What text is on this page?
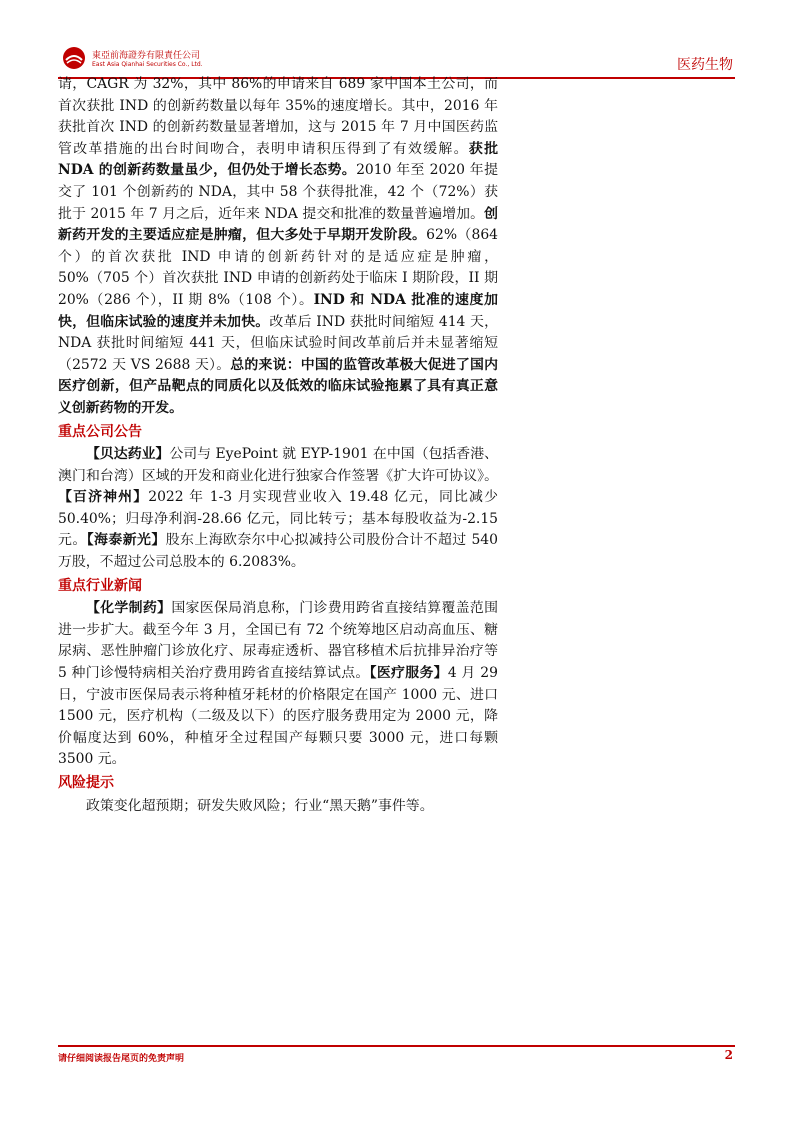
東亞前海證券有限責任公司
East Asia Qianhai Securities Co., Ltd.	医药生物

请，CAGR 为 32%，其中 86%的申请来自 689 家中国本土公司，而首次获批 IND 的创新药数量以每年 35%的速度增长。其中，2016 年获批首次 IND 的创新药数量显著增加，这与 2015 年 7 月中国医药监管改革措施的出台时间吻合，表明申请积压得到了有效缓解。获批 NDA 的创新药数量虽少，但仍处于增长态势。2010 年至 2020 年提交了 101 个创新药的 NDA，其中 58 个获得批准，42 个（72%）获批于 2015 年 7 月之后，近年来 NDA 提交和批准的数量普遍增加。创新药开发的主要适应症是肿瘤，但大多处于早期开发阶段。62%（864 个）的首次获批 IND 申请的创新药针对的是适应症是肿瘤，50%（705 个）首次获批 IND 申请的创新药处于临床 I 期阶段，II 期 20%（286 个），II 期 8%（108 个）。IND 和 NDA 批准的速度加快，但临床试验的速度并未加快。改革后 IND 获批时间缩短 414 天，NDA 获批时间缩短 441 天，但临床试验时间改革前后并未显著缩短（2572 天 VS 2688 天）。总的来说：中国的监管改革极大促进了国内医疗创新，但产品靶点的同质化以及低效的临床试验拖累了具有真正意义创新药物的开发。

重点公司公告

【贝达药业】公司与 EyePoint 就 EYP-1901 在中国（包括香港、澳门和台湾）区域的开发和商业化进行独家合作签署《扩大许可协议》。【百济神州】2022 年 1-3 月实现营业收入 19.48 亿元，同比减少 50.40%；归母净利润-28.66 亿元，同比转亏；基本每股收益为-2.15 元。【海泰新光】股东上海欧奈尔中心拟减持公司股份合计不超过 540 万股，不超过公司总股本的 6.2083%。

重点行业新闻

【化学制药】国家医保局消息称，门诊费用跨省直接结算覆盖范围进一步扩大。截至今年 3 月，全国已有 72 个统筹地区启动高血压、糖尿病、恶性肿瘤门诊放化疗、尿毒症透析、器官移植术后抗排异治疗等 5 种门诊慢特病相关治疗费用跨省直接结算试点。【医疗服务】4 月 29 日，宁波市医保局表示将种植牙耗材的价格限定在国产 1000 元、进口 1500 元，医疗机构（二级及以下）的医疗服务费用定为 2000 元，降价幅度达到 60%，种植牙全过程国产每颗只要 3000 元，进口每颗 3500 元。

风险提示

政策变化超预期；研发失败风险；行业“黑天鹅”事件等。

请仔细阅读报告尾页的免责声明	2
